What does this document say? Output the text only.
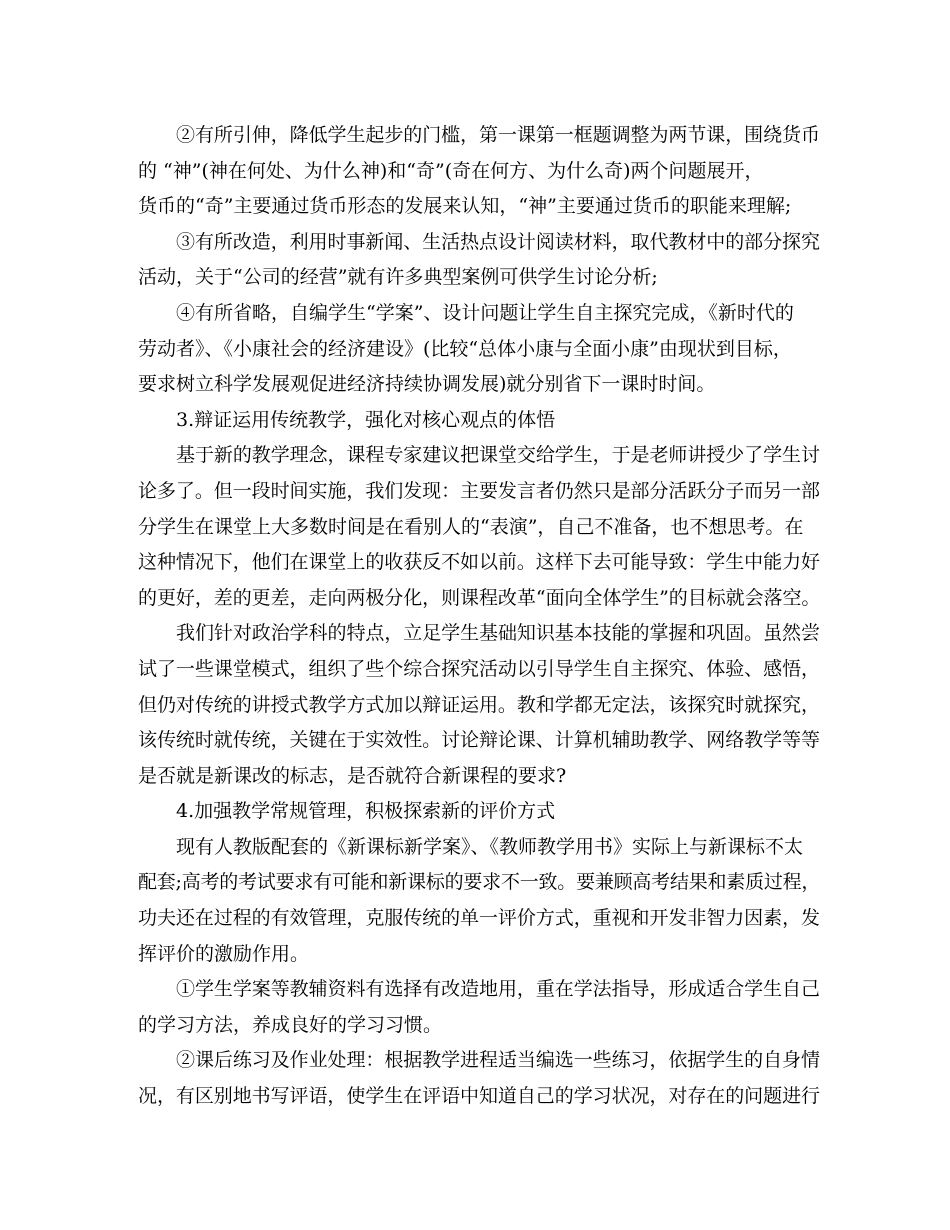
②有所引伸，降低学生起步的门槛，第一课第一框题调整为两节课，围绕货币
的 “神”(神在何处、为什么神)和“奇”(奇在何方、为什么奇)两个问题展开，
货币的“奇”主要通过货币形态的发展来认知，“神”主要通过货币的职能来理解;
③有所改造，利用时事新闻、生活热点设计阅读材料，取代教材中的部分探究
活动，关于“公司的经营”就有许多典型案例可供学生讨论分析;
④有所省略，自编学生“学案”、设计问题让学生自主探究完成，《新时代的
劳动者》、《小康社会的经济建设》(比较“总体小康与全面小康”由现状到目标，
要求树立科学发展观促进经济持续协调发展)就分别省下一课时时间。
3.辩证运用传统教学，强化对核心观点的体悟
基于新的教学理念，课程专家建议把课堂交给学生，于是老师讲授少了学生讨
论多了。但一段时间实施，我们发现：主要发言者仍然只是部分活跃分子而另一部
分学生在课堂上大多数时间是在看别人的“表演”，自己不准备，也不想思考。在
这种情况下，他们在课堂上的收获反不如以前。这样下去可能导致：学生中能力好
的更好，差的更差，走向两极分化，则课程改革“面向全体学生”的目标就会落空。
我们针对政治学科的特点，立足学生基础知识基本技能的掌握和巩固。虽然尝
试了一些课堂模式，组织了些个综合探究活动以引导学生自主探究、体验、感悟，
但仍对传统的讲授式教学方式加以辩证运用。教和学都无定法，该探究时就探究，
该传统时就传统，关键在于实效性。讨论辩论课、计算机辅助教学、网络教学等等
是否就是新课改的标志，是否就符合新课程的要求?
4.加强教学常规管理，积极探索新的评价方式
现有人教版配套的《新课标新学案》、《教师教学用书》实际上与新课标不太
配套;高考的考试要求有可能和新课标的要求不一致。要兼顾高考结果和素质过程，
功夫还在过程的有效管理，克服传统的单一评价方式，重视和开发非智力因素，发
挥评价的激励作用。
①学生学案等教辅资料有选择有改造地用，重在学法指导，形成适合学生自己
的学习方法，养成良好的学习习惯。
②课后练习及作业处理：根据教学进程适当编选一些练习，依据学生的自身情
况，有区别地书写评语，使学生在评语中知道自己的学习状况，对存在的问题进行
